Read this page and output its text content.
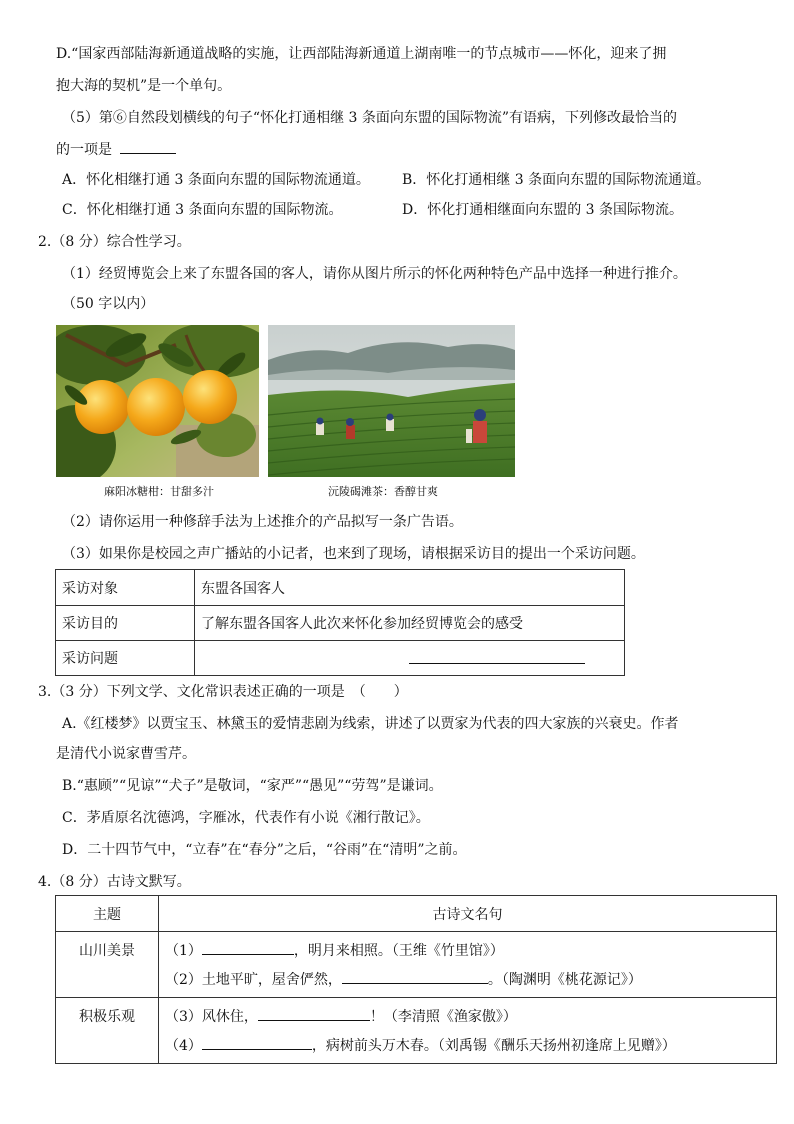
D.“国家西部陆海新通道战略的实施，让西部陆海新通道上湖南唯一的节点城市——怀化，迎来了拥
抱大海的契机”是一个单句。
（5）第⑥自然段划横线的句子“怀化打通相继 3 条面向东盟的国际物流”有语病，下列修改最恰当的
的一项是
A．怀化相继打通 3 条面向东盟的国际物流通道。 B．怀化打通相继 3 条面向东盟的国际物流通道。
C．怀化相继打通 3 条面向东盟的国际物流。	D．怀化打通相继面向东盟的 3 条国际物流。
2.（8 分）综合性学习。
（1）经贸博览会上来了东盟各国的客人，请你从图片所示的怀化两种特色产品中选择一种进行推介。
（50 字以内）
麻阳冰糖柑：甘甜多汁	沅陵碣滩茶：香醇甘爽
（2）请你运用一种修辞手法为上述推介的产品拟写一条广告语。
（3）如果你是校园之声广播站的小记者，也来到了现场，请根据采访目的提出一个采访问题。
采访对象	东盟各国客人
采访目的	了解东盟各国客人此次来怀化参加经贸博览会的感受
采访问题	
3.（3 分）下列文学、文化常识表述正确的一项是　（　　）
A.《红楼梦》以贾宝玉、林黛玉的爱情悲剧为线索，讲述了以贾家为代表的四大家族的兴衰史。作者
是清代小说家曹雪芹。
B.“惠顾”“见谅”“犬子”是敬词，“家严”“愚见”“劳驾”是谦词。
C．茅盾原名沈德鸿，字雁冰，代表作有小说《湘行散记》。
D．二十四节气中，“立春”在“春分”之后，“谷雨”在“清明”之前。
4.（8 分）古诗文默写。
主题	古诗文名句
山川美景	（1） ，明月来相照。（王维《竹里馆》）
（2）土地平旷，屋舍俨然， 。（陶渊明《桃花源记》）

积极乐观	（3）风休住， ！（李清照《渔家傲》）
（4） ，病树前头万木春。（刘禹锡《酬乐天扬州初逢席上见赠》）
